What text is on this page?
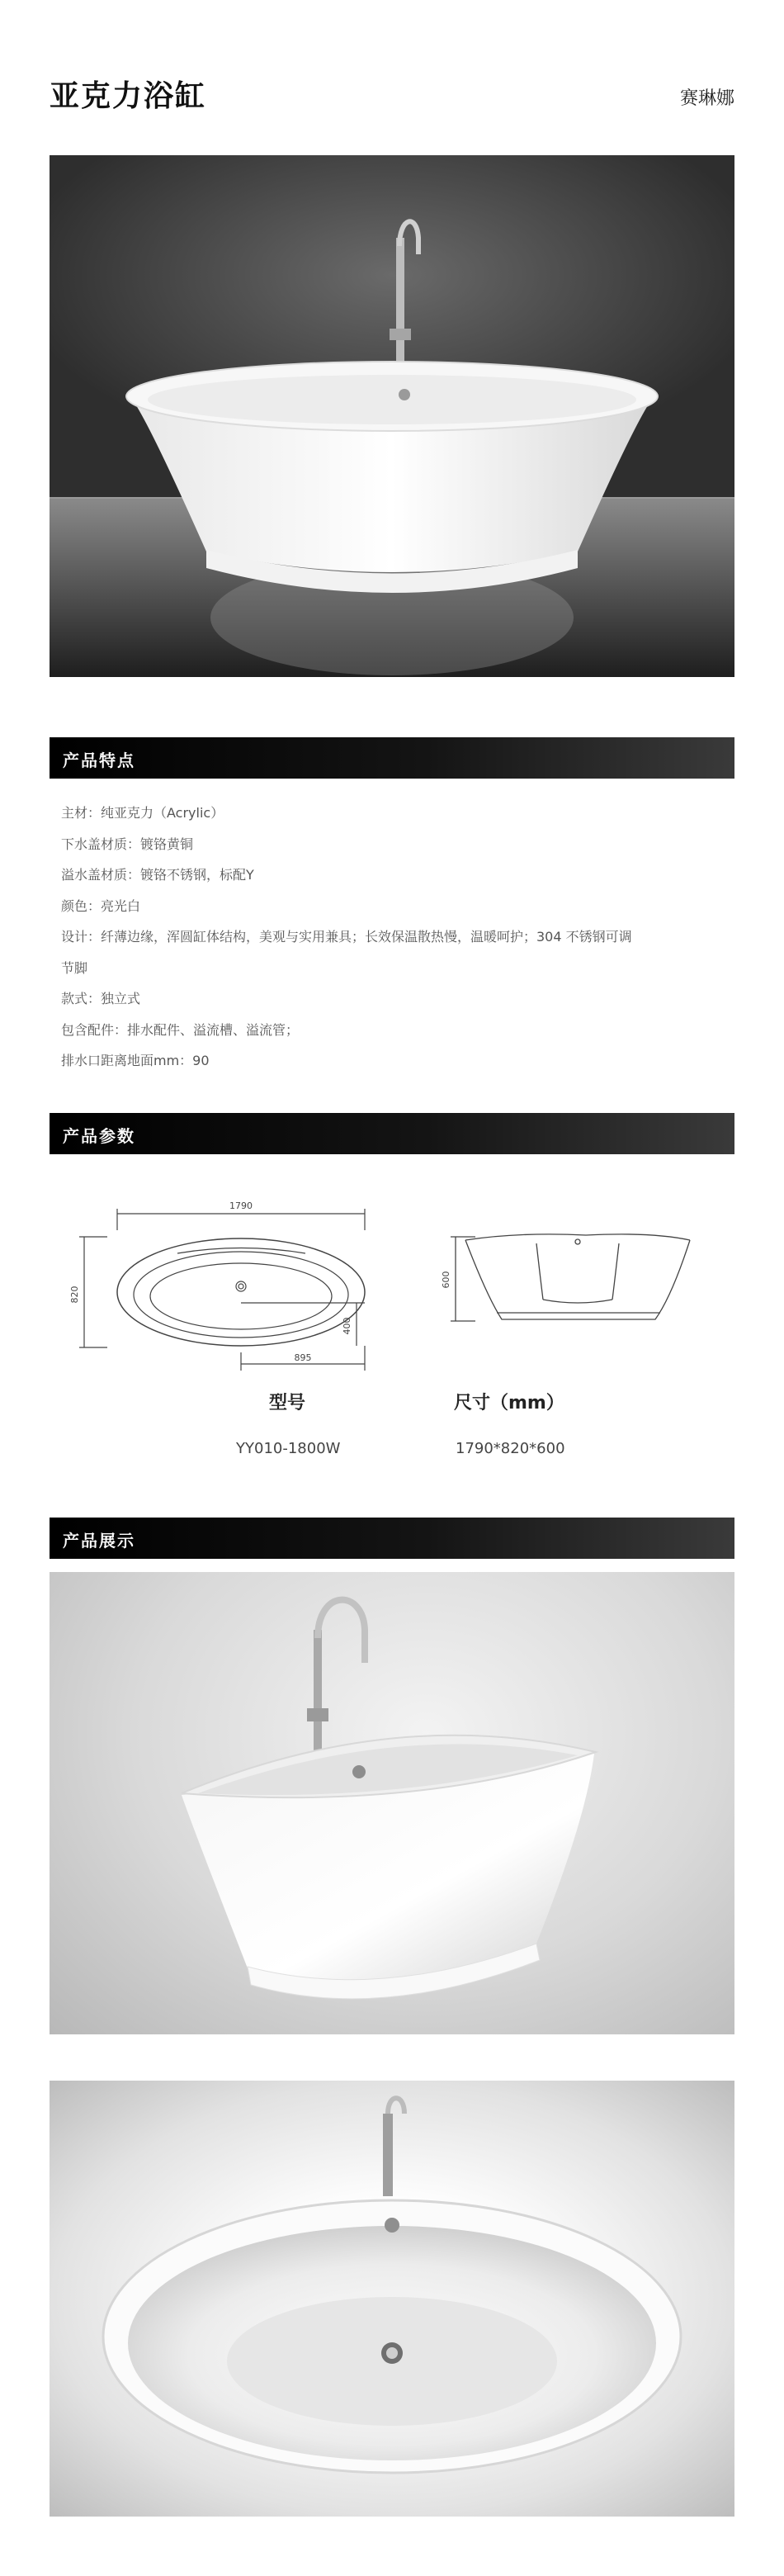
亚克力浴缸	赛琳娜
产品特点
主材：纯亚克力（Acrylic）
下水盖材质：镀铬黄铜
溢水盖材质：镀铬不锈钢，标配Y
颜色：亮光白
设计：纤薄边缘，浑圆缸体结构，美观与实用兼具；长效保温散热慢，温暖呵护；304 不锈钢可调
节脚
款式：独立式
包含配件：排水配件、溢流槽、溢流管；
排水口距离地面mm：90
产品参数
1790
820
400
895
600
型号	尺寸（mm）
YY010-1800W	1790*820*600
产品展示
